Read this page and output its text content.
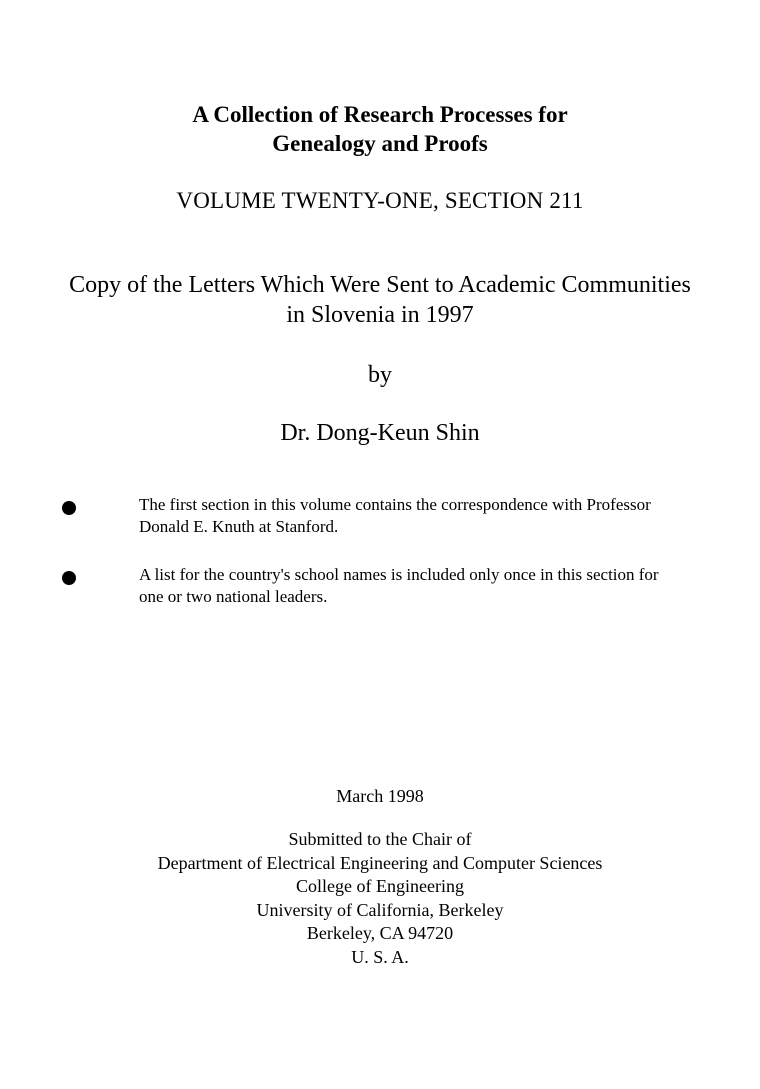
A Collection of Research Processes for
Genealogy and Proofs
VOLUME TWENTY-ONE, SECTION 211
Copy of the Letters Which Were Sent to Academic Communities
in Slovenia in 1997
by
Dr. Dong-Keun Shin
The first section in this volume contains the correspondence with Professor
Donald E. Knuth at Stanford.
A list for the country's school names is included only once in this section for
one or two national leaders.
March 1998
Submitted to the Chair of
Department of Electrical Engineering and Computer Sciences
College of Engineering
University of California, Berkeley
Berkeley, CA 94720
U. S. A.
